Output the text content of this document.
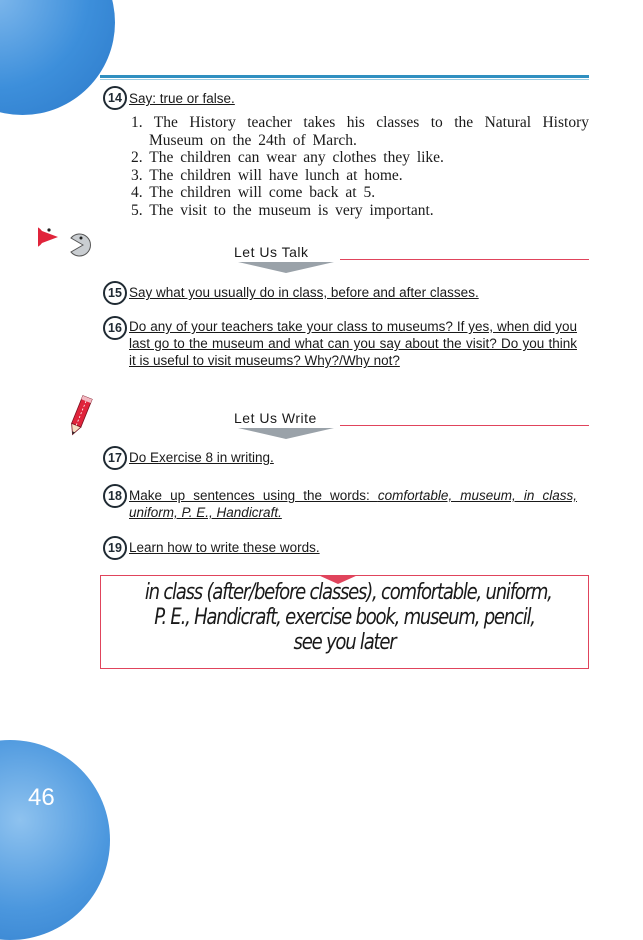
46
14 Say: true or false.
1. The History teacher takes his classes to the Natural History Museum on the 24th of March.
2. The children can wear any clothes they like.
3. The children will have lunch at home.
4. The children will come back at 5.
5. The visit to the museum is very important.
Let Us Talk
15 Say what you usually do in class, before and after classes.
16 Do any of your teachers take your class to museums? If yes, when did you last go to the museum and what can you say about the visit? Do you think it is useful to visit museums? Why?/Why not?
Let Us Write
17 Do Exercise 8 in writing.
18 Make up sentences using the words: comfortable, museum, in class, uniform, P. E., Handicraft.
19 Learn how to write these words.
in class (after/before classes), comfortable, uniform,
P. E., Handicraft, exercise book, museum, pencil,
see you later
